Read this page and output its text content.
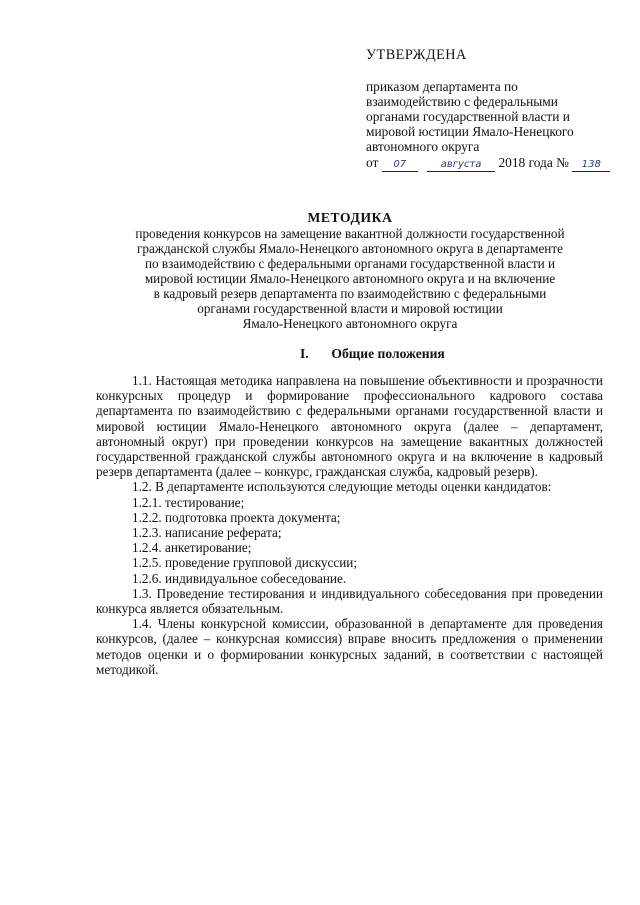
УТВЕРЖДЕНА
приказом департамента по
взаимодействию с федеральными
органами государственной власти и
мировой юстиции Ямало-Ненецкого
автономного округа
от 07	августа 2018 года № 138
МЕТОДИКА
проведения конкурсов на замещение вакантной должности государственной
гражданской службы Ямало-Ненецкого автономного округа в департаменте
по взаимодействию с федеральными органами государственной власти и
мировой юстиции Ямало-Ненецкого автономного округа и на включение
в кадровый резерв департамента по взаимодействию с федеральными
органами государственной власти и мировой юстиции
Ямало-Ненецкого автономного округа
I. Общие положения

1.1. Настоящая методика направлена на повышение объективности и прозрачности конкурсных процедур и формирование профессионального кадрового состава департамента по взаимодействию с федеральными органами государственной власти и мировой юстиции Ямало-Ненецкого автономного округа (далее – департамент, автономный округ) при проведении конкурсов на замещение вакантных должностей государственной гражданской службы автономного округа и на включение в кадровый резерв департамента (далее – конкурс, гражданская служба, кадровый резерв).

1.2. В департаменте используются следующие методы оценки кандидатов:

1.2.1. тестирование;

1.2.2. подготовка проекта документа;

1.2.3. написание реферата;

1.2.4. анкетирование;

1.2.5. проведение групповой дискуссии;

1.2.6. индивидуальное собеседование.

1.3. Проведение тестирования и индивидуального собеседования при проведении конкурса является обязательным.

1.4. Члены конкурсной комиссии, образованной в департаменте для проведения конкурсов, (далее – конкурсная комиссия) вправе вносить предложения о применении методов оценки и о формировании конкурсных заданий, в соответствии с настоящей методикой.
